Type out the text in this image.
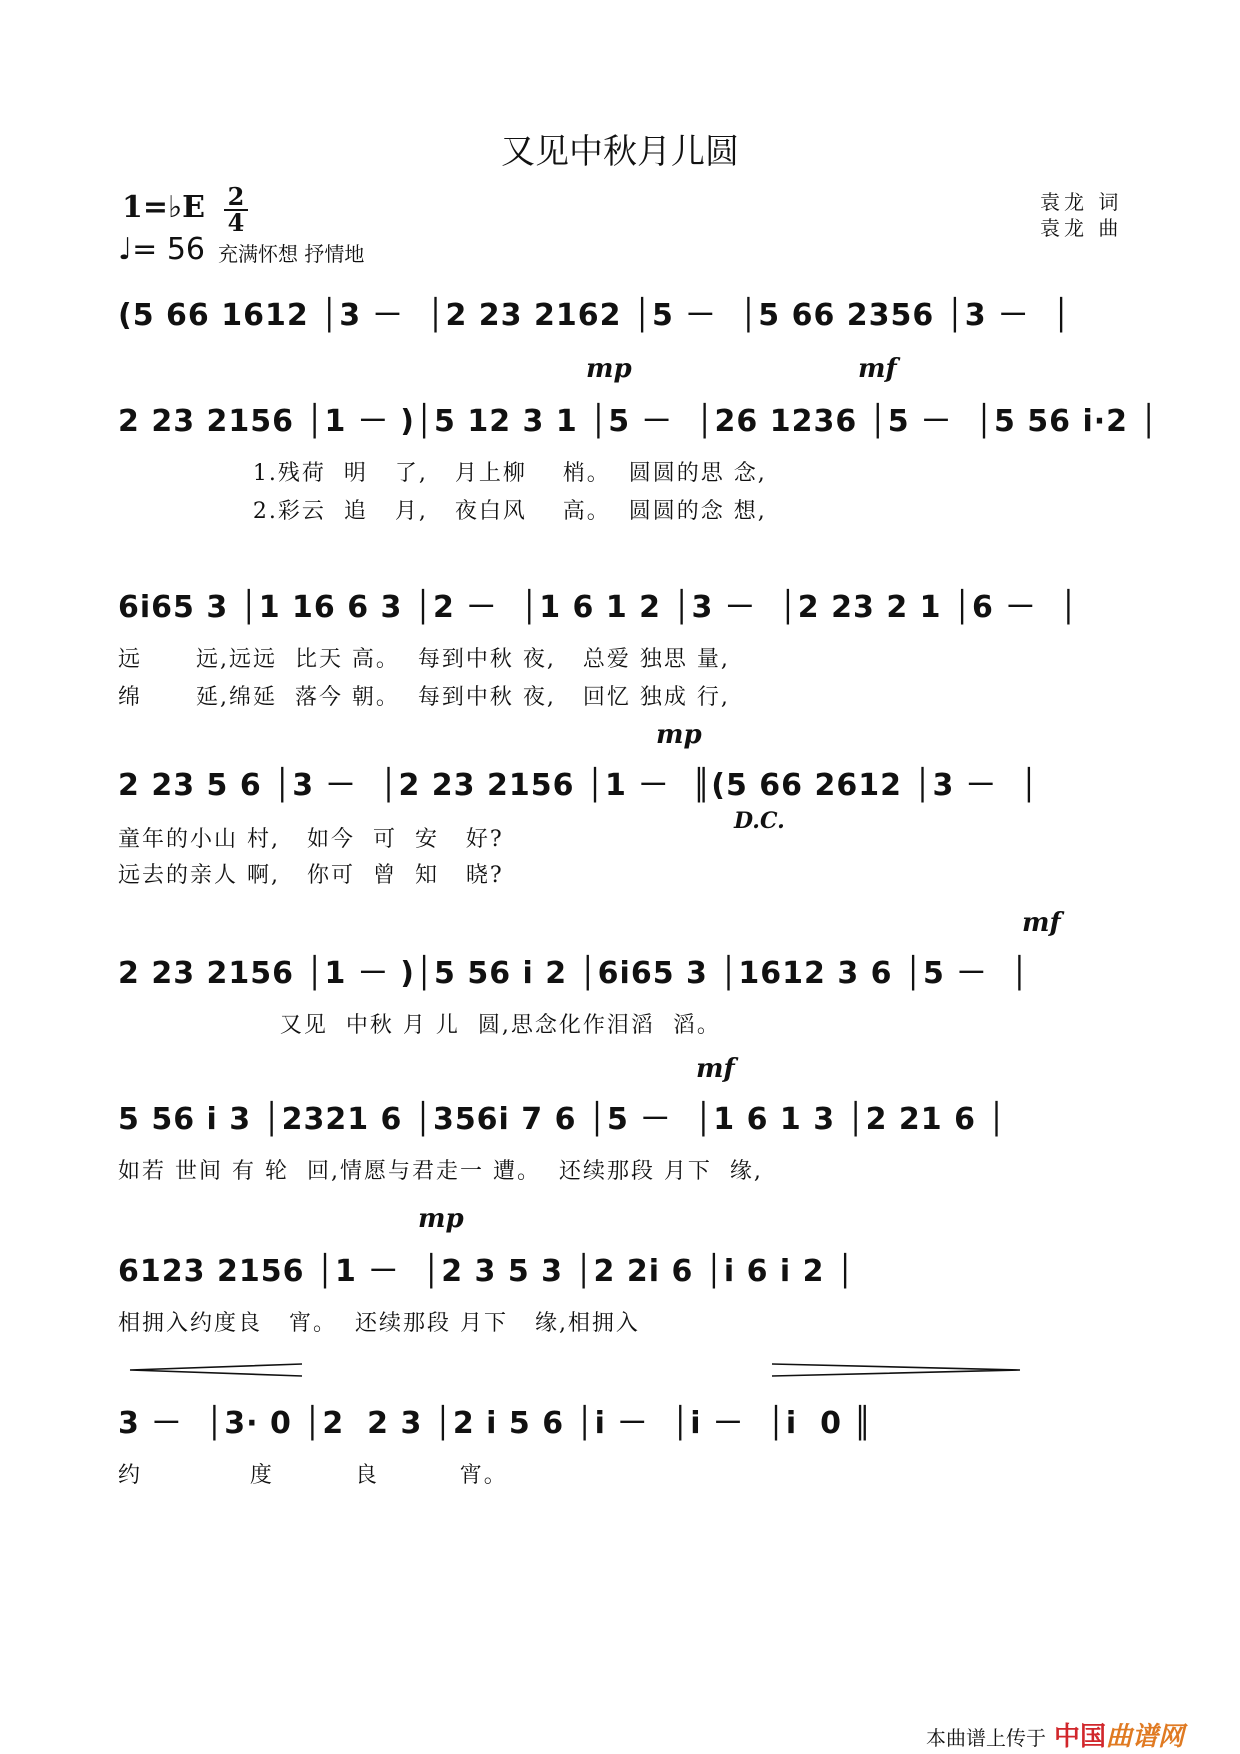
又见中秋月儿圆
1=♭E 2
4
♩= 56 充满怀想 抒情地
袁龙 词
袁龙 曲
(5 66 1612 │3 －  │2 23 2162 │5 －  │5 66 2356 │3 －  │
mp	mf
2 23 2156 │1 － )│5 12 3 1 │5 －  │26 1236 │5 －  │5 56 i·2 │
1.残荷  明   了,   月上柳    梢。  圆圆的思 念,
2.彩云  追   月,   夜白风    高。  圆圆的念 想,
6i65 3 │1 16 6 3 │2 －  │1 6 1 2 │3 －  │2 23 2 1 │6 －  │
远      远,远远  比天 高。  每到中秋 夜,   总爱 独思 量,
绵      延,绵延  落今 朝。  每到中秋 夜,   回忆 独成 行,
mp
2 23 5 6 │3 －  │2 23 2156 │1 －  ║(5 66 2612 │3 －  │
D.C.
童年的小山 村,   如今  可  安   好?
远去的亲人 啊,   你可  曾  知   晓?
mf
2 23 2156 │1 － )│5 56 i 2 │6i65 3 │1612 3 6 │5 －  │
又见  中秋 月 儿  圆,思念化作泪滔  滔。
mf
5 56 i 3 │2321 6 │356i 7 6 │5 －  │1 6 1 3 │2 21 6 │
如若 世间 有 轮  回,情愿与君走一 遭。  还续那段 月下  缘,
mp
6123 2156 │1 －  │2 3 5 3 │2 2i 6 │i 6 i 2 │
相拥入约度良   宵。  还续那段 月下   缘,相拥入
3 －  │3· 0 │2  2 3 │2 i 5 6 │i －  │i －  │i  0 ║
约            度         良         宵。
本曲谱上传于 中国曲谱网
